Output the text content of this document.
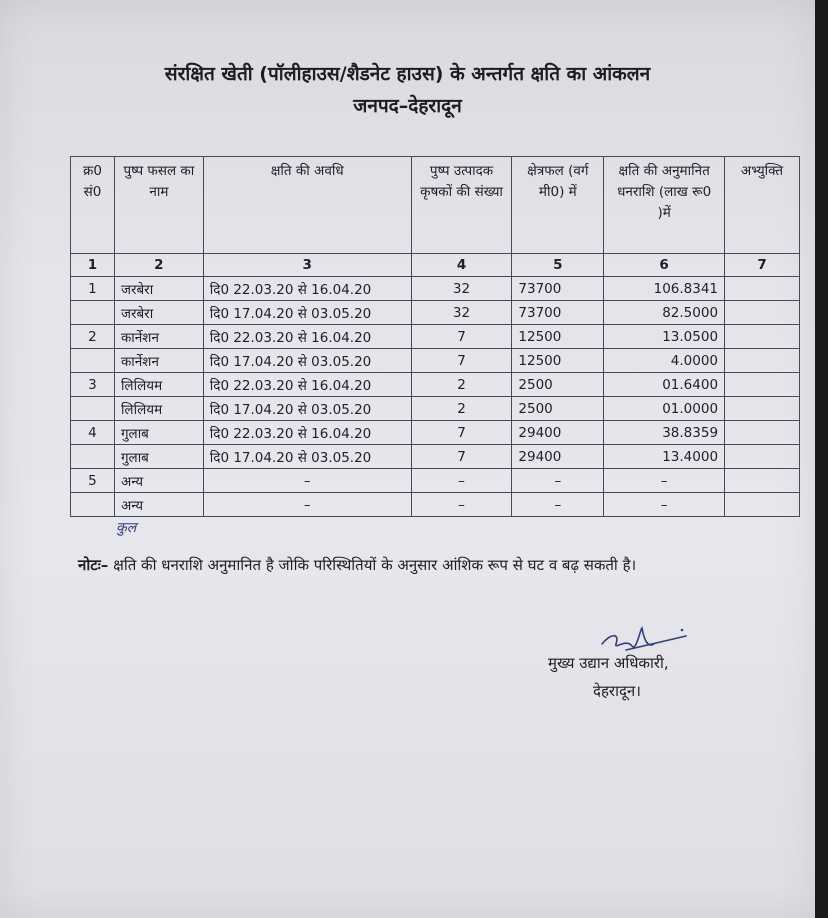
संरक्षित खेती (पॉलीहाउस/शैडनेट हाउस) के अन्तर्गत क्षति का आंकलन
जनपद–देहरादून
क्र0 सं0	पुष्प फसल का नाम	क्षति की अवधि	पुष्प उत्पादक कृषकों की संख्या	क्षेत्रफल (वर्ग मी0) में	क्षति की अनुमानित धनराशि (लाख रू0 )में	अभ्युक्ति
1	2	3	4	5	6	7
1	जरबेरा	दि0 22.03.20 से 16.04.20	32	73700	106.8341	
	जरबेरा	दि0 17.04.20 से 03.05.20	32	73700	82.5000	
2	कार्नेशन	दि0 22.03.20 से 16.04.20	7	12500	13.0500	
	कार्नेशन	दि0 17.04.20 से 03.05.20	7	12500	4.0000	
3	लिलियम	दि0 22.03.20 से 16.04.20	2	2500	01.6400	
	लिलियम	दि0 17.04.20 से 03.05.20	2	2500	01.0000	
4	गुलाब	दि0 22.03.20 से 16.04.20	7	29400	38.8359	
	गुलाब	दि0 17.04.20 से 03.05.20	7	29400	13.4000	
5	अन्य	–	–	–	–	
	अन्य	–	–	–	–	
कुल
नोटः– क्षति की धनराशि अनुमानित है जोकि परिस्थितियों के अनुसार आंशिक रूप से घट व बढ़ सकती है।
मुख्य उद्यान अधिकारी,
देहरादून।
